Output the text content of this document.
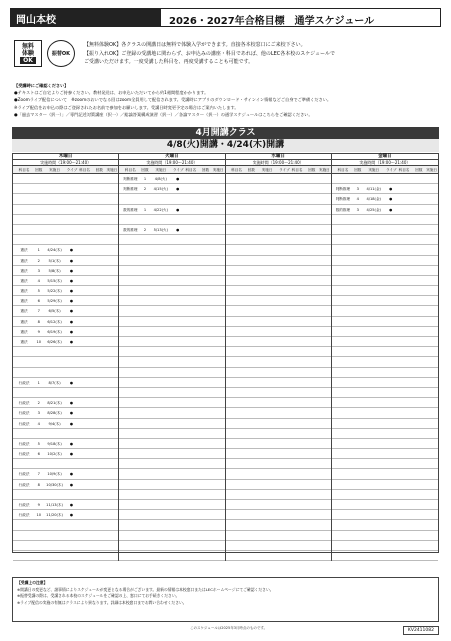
岡山本校	2026・2027年合格目標　通学スケジュール
無料
体験
OK
振替OK
【無料体験OK】各クラスの開講日は無料で体験入学ができます。直接各本校窓口にご来校下さい。
【振り入れOK】ご登録の受講地に関わらず、お申込みの講座・科目であれば、他のLEC各本校のスケジュールで
ご受講いただけます。一度受講した科目を、再度受講することも可能です。
【受講時にご確認ください】
●テキストはご自宅よりご持参ください。教材発送は、お申込いただいてから約1週間程度かかります。
●Zoomライブ配信について　※zoomのおいでなる回はzoom全員用して配信されます。受講時にアプリのダウンロード・サインイン情報などご自身でご準備ください。
※ライブ配信をお申込の際はご登録されたお名前で参加をお願いします。受講日時変更予定の場合はご案内いたします。
●「過去マスター（択一）」／専門記述対策講座（択一）／総論答案構成演習（択一）／各論マスター（択一）の通学スケジュールはこちらをご確認ください。
4月開講クラス
4/8(火)開講・4/24(木)開講
木曜日
実施時間（19:00〜21:40）
科目名	回数	実施日	ライブ 科目名	回数	実施日
憲法	1	4/24(木)	●
憲法	2	5/1(木)	●
憲法	3	5/8(木)	●
憲法	4	5/15(木)	●
憲法	5	5/22(木)	●
憲法	6	5/29(木)	●
憲法	7	6/5(木)	●
憲法	8	6/12(木)	●
憲法	9	6/19(木)	●
憲法	10	6/26(木)	●
行政法	1	8/7(木)	●
行政法	2	8/21(木)	●
行政法	3	8/28(木)	●
行政法	4	9/4(木)	●
行政法	5	9/18(木)	●
行政法	6	10/2(木)	●
行政法	7	10/9(木)	●
行政法	8	10/30(木)	●
行政法	9	11/13(木)	●
行政法	10	11/20(木)	●
火曜日
実施時間（19:00〜21:40）
科目名	回数	実施日	ライブ 科目名	回数	実施日
判断推理	1	4/8(火)	●
判断推理	2	4/15(火)	●
数的推理	1	4/22(火)	●
数的推理	2	5/13(火)	●
水曜日
実施時間（19:00〜21:40）
科目名	回数	実施日	ライブ 科目名	回数	実施日
金曜日
実施時間（19:00〜21:40）
科目名	回数	実施日	ライブ 科目名	回数	実施日
判断推理	3	4/11(金)	●
判断推理	4	4/18(金)	●
数的推理	3	4/25(金)	●
【受講上の注意】
※開講日の変更など、諸事情によりスケジュールが変更となる場合がございます。最新の情報は本校窓口またはLECホームページにてご確認ください。
※振替受講の際は、受講される本校のスケジュールをご確認の上、窓口にてお手続きください。
※ライブ配信の実施の有無はクラスにより異なります。詳細は本校窓口までお問い合わせください。
このスケジュールは2025年3月時点のものです。	KV2411082
